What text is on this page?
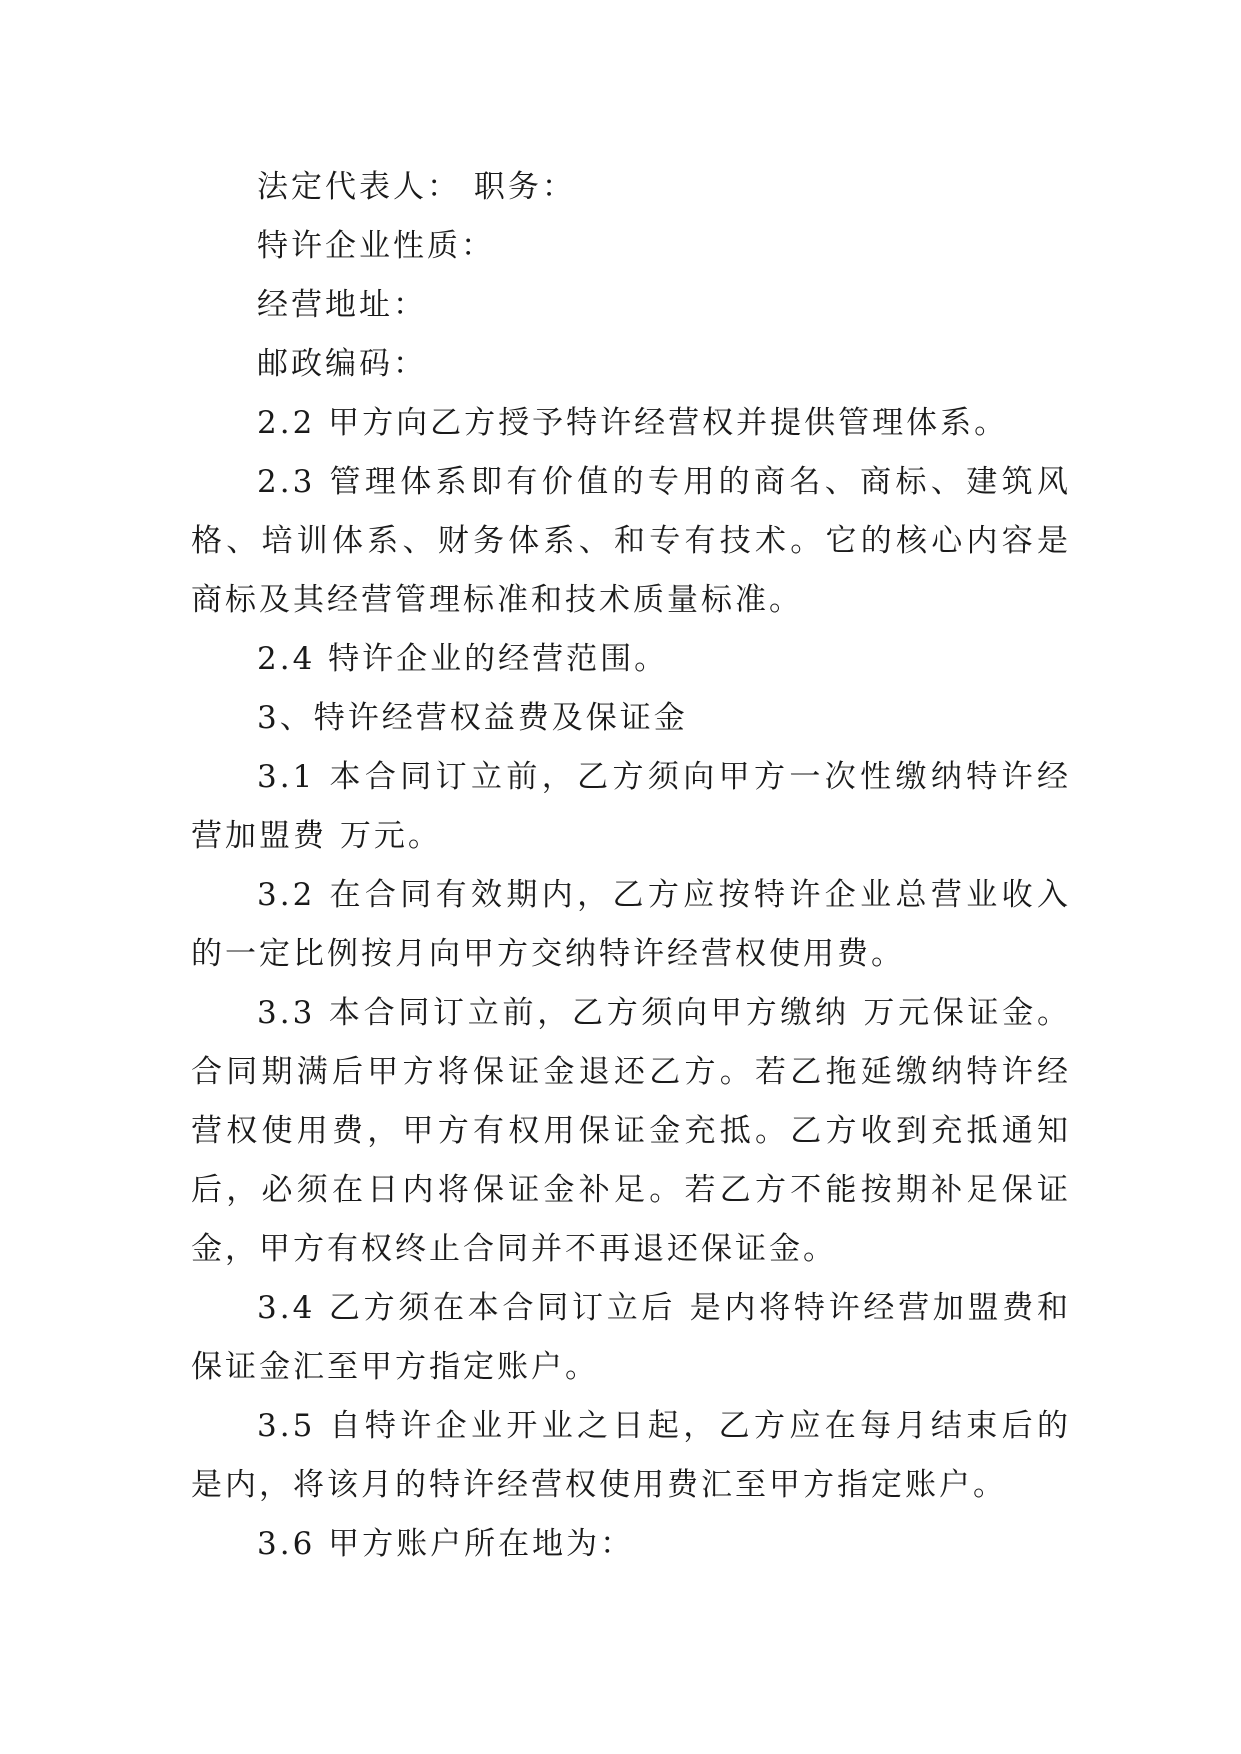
法定代表人： 职务：

特许企业性质：

经营地址：

邮政编码：

2.2 甲方向乙方授予特许经营权并提供管理体系。

2.3 管理体系即有价值的专用的商名、商标、建筑风格、培训体系、财务体系、和专有技术。它的核心内容是 商标及其经营管理标准和技术质量标准。

2.4 特许企业的经营范围。

3、特许经营权益费及保证金

3.1 本合同订立前，乙方须向甲方一次性缴纳特许经营加盟费 万元。

3.2 在合同有效期内，乙方应按特许企业总营业收入的一定比例按月向甲方交纳特许经营权使用费。

3.3 本合同订立前，乙方须向甲方缴纳 万元保证金。合同期满后甲方将保证金退还乙方。若乙拖延缴纳特许经营权使用费，甲方有权用保证金充抵。乙方收到充抵通知后，必须在日内将保证金补足。若乙方不能按期补足保证金，甲方有权终止合同并不再退还保证金。

3.4 乙方须在本合同订立后 是内将特许经营加盟费和保证金汇至甲方指定账户。

3.5 自特许企业开业之日起，乙方应在每月结束后的 是内，将该月的特许经营权使用费汇至甲方指定账户。

3.6 甲方账户所在地为：
